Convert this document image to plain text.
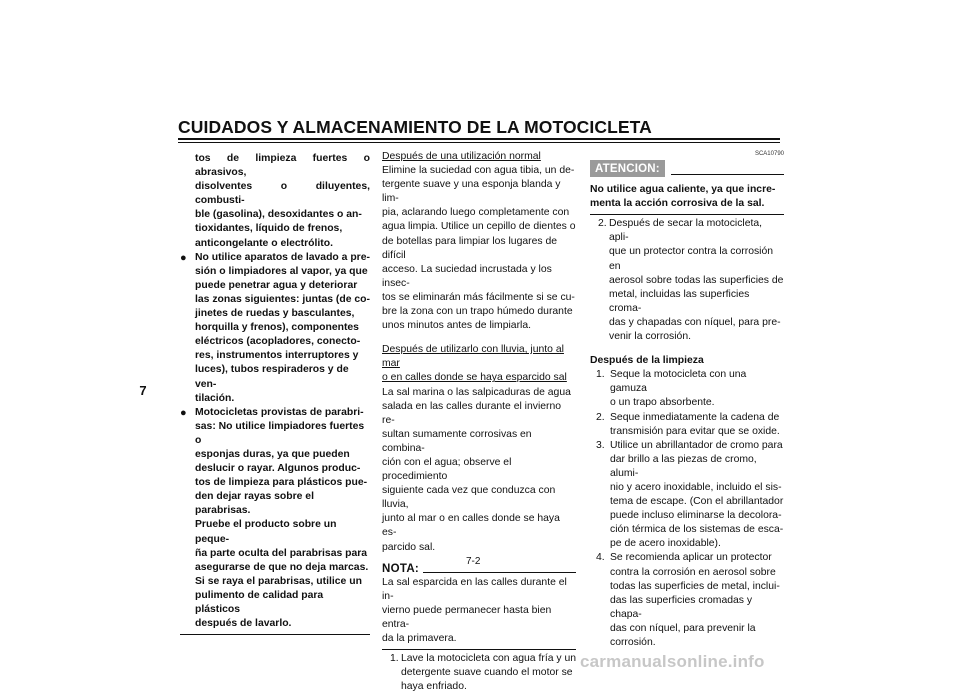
CUIDADOS Y ALMACENAMIENTO DE LA MOTOCICLETA
7

tos de limpieza fuertes o abrasivos,

disolventes o diluyentes, combusti-

ble (gasolina), desoxidantes o an-

tioxidantes, líquido de frenos,

anticongelante o electrólito.

● No utilice aparatos de lavado a pre-

sión o limpiadores al vapor, ya que

puede penetrar agua y deteriorar

las zonas siguientes: juntas (de co-

jinetes de ruedas y basculantes,

horquilla y frenos), componentes

eléctricos (acopladores, conecto-

res, instrumentos interruptores y

luces), tubos respiraderos y de ven-

tilación.

● Motocicletas provistas de parabri-

sas: No utilice limpiadores fuertes o

esponjas duras, ya que pueden

deslucir o rayar. Algunos produc-

tos de limpieza para plásticos pue-

den dejar rayas sobre el parabrisas.

Pruebe el producto sobre un peque-

ña parte oculta del parabrisas para

asegurarse de que no deja marcas.

Si se raya el parabrisas, utilice un

pulimento de calidad para plásticos

después de lavarlo.

Después de una utilización normal

Elimine la suciedad con agua tibia, un de-

tergente suave y una esponja blanda y lim-

pia, aclarando luego completamente con

agua limpia. Utilice un cepillo de dientes o

de botellas para limpiar los lugares de difícil

acceso. La suciedad incrustada y los insec-

tos se eliminarán más fácilmente si se cu-

bre la zona con un trapo húmedo durante

unos minutos antes de limpiarla.

Después de utilizarlo con lluvia, junto al mar

o en calles donde se haya esparcido sal

La sal marina o las salpicaduras de agua

salada en las calles durante el invierno re-

sultan sumamente corrosivas en combina-

ción con el agua; observe el procedimiento

siguiente cada vez que conduzca con lluvia,

junto al mar o en calles donde se haya es-

parcido sal.

NOTA:

La sal esparcida en las calles durante el in-

vierno puede permanecer hasta bien entra-

da la primavera.

1. Lave la motocicleta con agua fría y un

detergente suave cuando el motor se

haya enfriado.

SCA10790
ATENCION:

No utilice agua caliente, ya que incre-

menta la acción corrosiva de la sal.

2. Después de secar la motocicleta, apli-

que un protector contra la corrosión en

aerosol sobre todas las superficies de

metal, incluidas las superficies croma-

das y chapadas con níquel, para pre-

venir la corrosión.

Después de la limpieza

1. Seque la motocicleta con una gamuza

o un trapo absorbente.

2. Seque inmediatamente la cadena de

transmisión para evitar que se oxide.

3. Utilice un abrillantador de cromo para

dar brillo a las piezas de cromo, alumi-

nio y acero inoxidable, incluido el sis-

tema de escape. (Con el abrillantador

puede incluso eliminarse la decolora-

ción térmica de los sistemas de esca-

pe de acero inoxidable).

4. Se recomienda aplicar un protector

contra la corrosión en aerosol sobre

todas las superficies de metal, inclui-

das las superficies cromadas y chapa-

das con níquel, para prevenir la

corrosión.

7-2
carmanualsonline.info
